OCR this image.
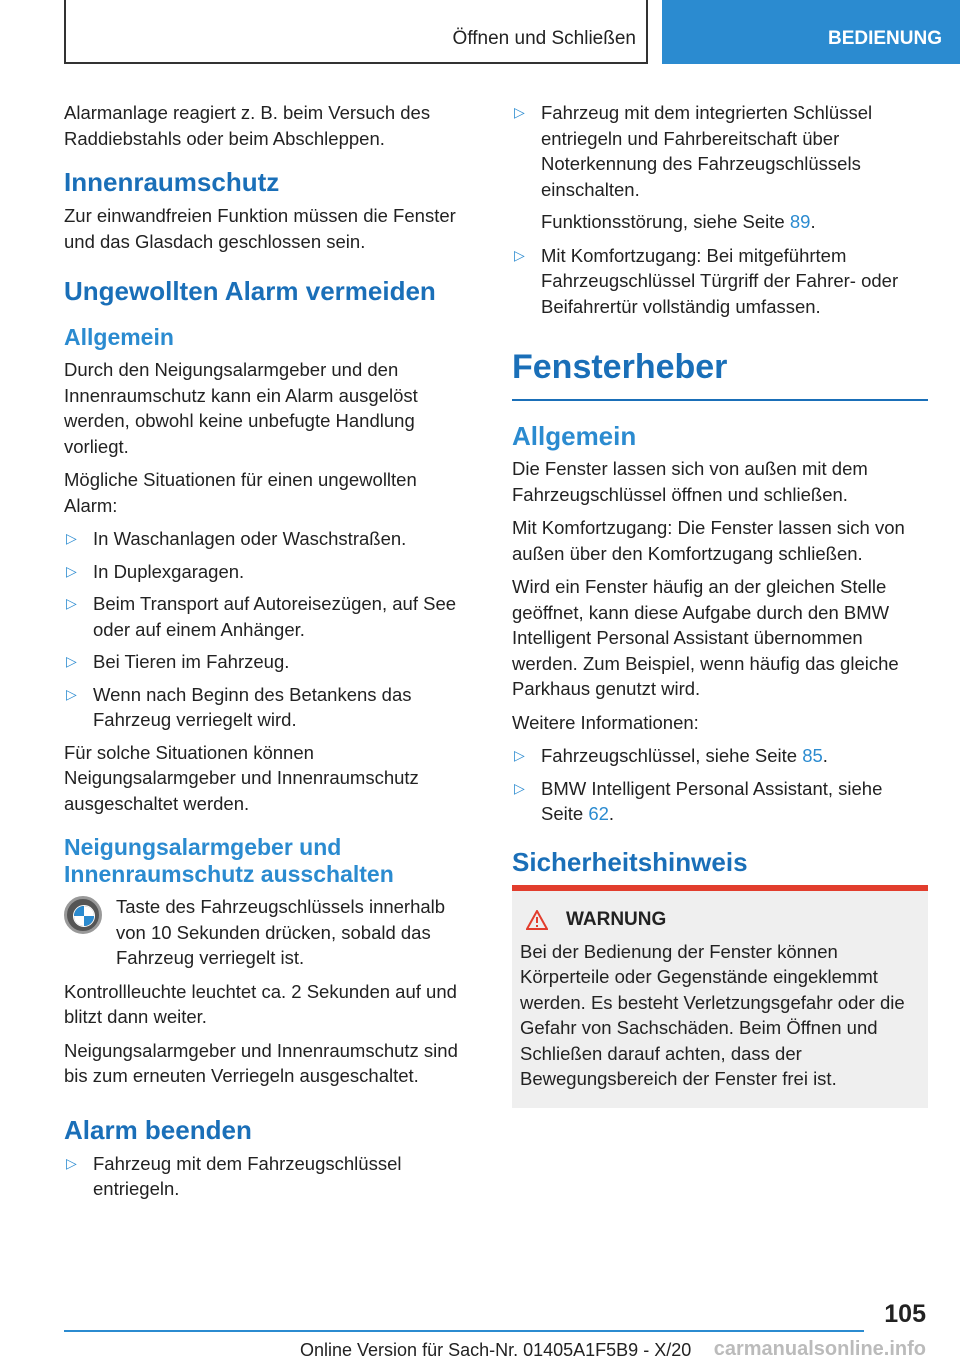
Öffnen und Schließen	BEDIENUNG

Alarmanlage reagiert z. B. beim Versuch des Raddiebstahls oder beim Abschleppen.

Innenraumschutz

Zur einwandfreien Funktion müssen die Fenster und das Glasdach geschlossen sein.

Ungewollten Alarm vermeiden
Allgemein

Durch den Neigungsalarmgeber und den Innenraumschutz kann ein Alarm ausgelöst werden, obwohl keine unbefugte Handlung vorliegt.

Mögliche Situationen für einen ungewollten Alarm:

▷ In Waschanlagen oder Waschstraßen.
▷ In Duplexgaragen.
▷ Beim Transport auf Autoreisezügen, auf See oder auf einem Anhänger.
▷ Bei Tieren im Fahrzeug.
▷ Wenn nach Beginn des Betankens das Fahrzeug verriegelt wird.

Für solche Situationen können Neigungsalarmgeber und Innenraumschutz ausgeschaltet werden.

Neigungsalarmgeber und Innenraumschutz ausschalten

Taste des Fahrzeugschlüssels innerhalb von 10 Sekunden drücken, sobald das Fahrzeug verriegelt ist.

Kontrollleuchte leuchtet ca. 2 Sekunden auf und blitzt dann weiter.

Neigungsalarmgeber und Innenraumschutz sind bis zum erneuten Verriegeln ausgeschaltet.

Alarm beenden
▷ Fahrzeug mit dem Fahrzeugschlüssel entriegeln.
▷ Fahrzeug mit dem integrierten Schlüssel entriegeln und Fahrbereitschaft über Noterkennung des Fahrzeugschlüssels einschalten.
Funktionsstörung, siehe Seite 89.
▷ Mit Komfortzugang: Bei mitgeführtem Fahrzeugschlüssel Türgriff der Fahrer- oder Beifahrertür vollständig umfassen.
Fensterheber
Allgemein

Die Fenster lassen sich von außen mit dem Fahrzeugschlüssel öffnen und schließen.

Mit Komfortzugang: Die Fenster lassen sich von außen über den Komfortzugang schließen.

Wird ein Fenster häufig an der gleichen Stelle geöffnet, kann diese Aufgabe durch den BMW Intelligent Personal Assistant übernommen werden. Zum Beispiel, wenn häufig das gleiche Parkhaus genutzt wird.

Weitere Informationen:

▷ Fahrzeugschlüssel, siehe Seite 85.
▷ BMW Intelligent Personal Assistant, siehe Seite 62.
Sicherheitshinweis
WARNUNG

Bei der Bedienung der Fenster können Körperteile oder Gegenstände eingeklemmt werden. Es besteht Verletzungsgefahr oder die Gefahr von Sachschäden. Beim Öffnen und Schließen darauf achten, dass der Bewegungsbereich der Fenster frei ist.

105
Online Version für Sach-Nr. 01405A1F5B9 - X/20 carmanualsonline.info
